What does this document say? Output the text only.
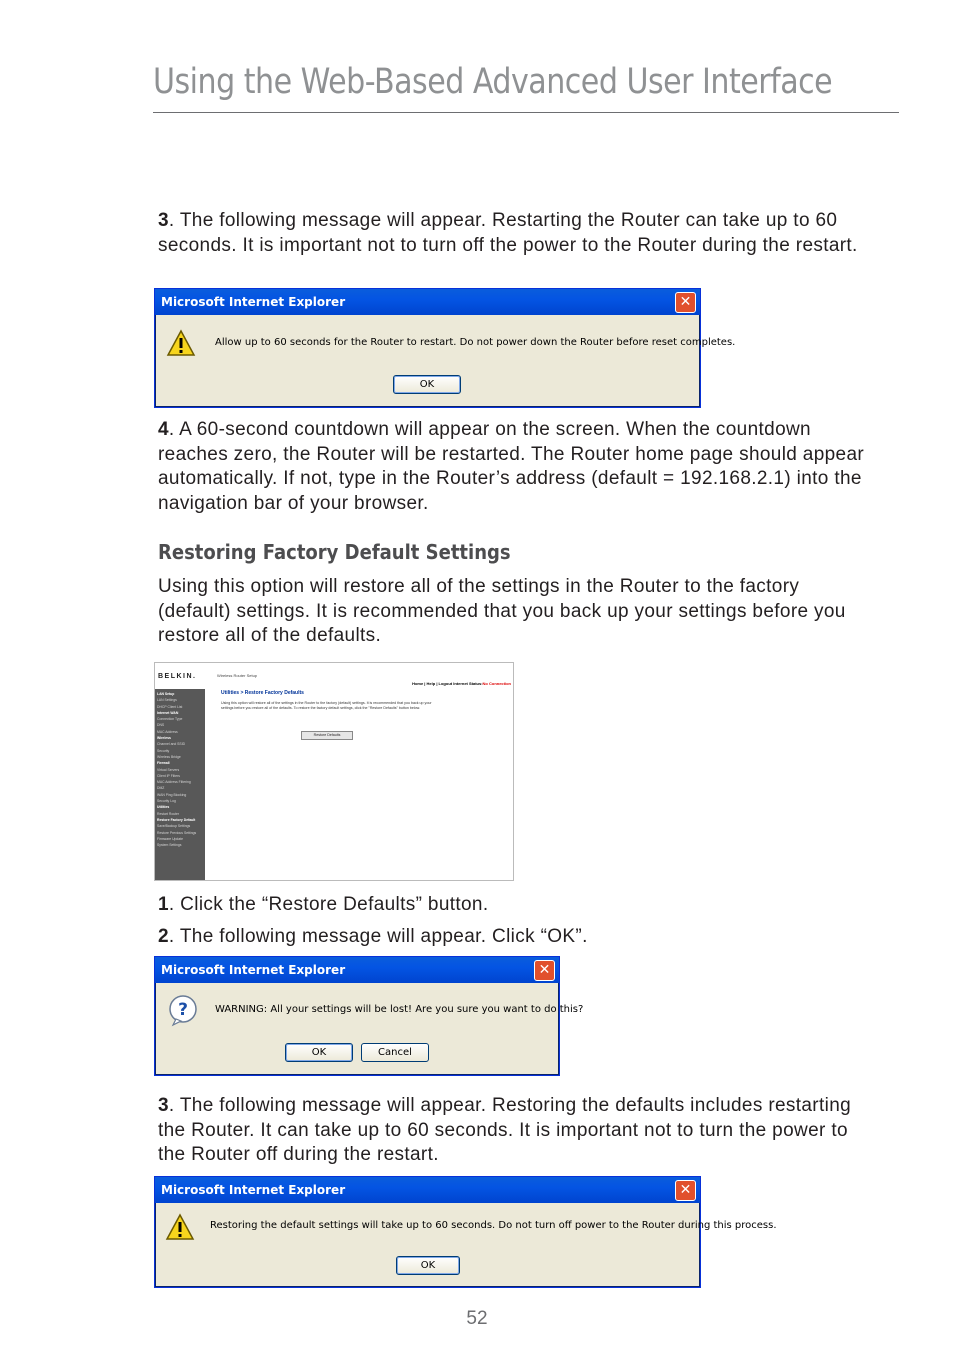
Using the Web-Based Advanced User Interface
3. The following message will appear. Restarting the Router can take up to 60 seconds. It is important not to turn off the power to the Router during the restart.
Microsoft Internet Explorer	✕
Allow up to 60 seconds for the Router to restart. Do not power down the Router before reset completes.
OK
4. A 60-second countdown will appear on the screen. When the countdown reaches zero, the Router will be restarted. The Router home page should appear automatically. If not, type in the Router’s address (default = 192.168.2.1) into the navigation bar of your browser.
Restoring Factory Default Settings
Using this option will restore all of the settings in the Router to the factory (default) settings. It is recommended that you back up your settings before you restore all of the defaults.
BELKIN.	Wireless Router Setup
Home | Help | Logout Internet Status:No Connection
LAN Setup
LAN Settings
DHCP Client List
Internet WAN
Connection Type
DNS
MAC Address
Wireless
Channel and SSID
Security
Wireless Bridge
Firewall
Virtual Servers
Client IP Filters
MAC Address Filtering
DMZ
WAN Ping Blocking
Security Log
Utilities
Restart Router
Restore Factory Default
Save/Backup Settings
Restore Previous Settings
Firmware Update
System Settings
Utilities > Restore Factory Defaults
Using this option will restore all of the settings in the Router to the factory (default) settings. It is recommended that you back up your settings before you restore all of the defaults. To restore the factory default settings, click the "Restore Defaults" button below.
Restore Defaults
1. Click the “Restore Defaults” button.
2. The following message will appear. Click “OK”.
Microsoft Internet Explorer	✕
?	WARNING: All your settings will be lost! Are you sure you want to do this?
OK	Cancel
3. The following message will appear. Restoring the defaults includes restarting the Router. It can take up to 60 seconds. It is important not to turn the power to the Router off during the restart.
Microsoft Internet Explorer	✕
Restoring the default settings will take up to 60 seconds. Do not turn off power to the Router during this process.
OK
52
